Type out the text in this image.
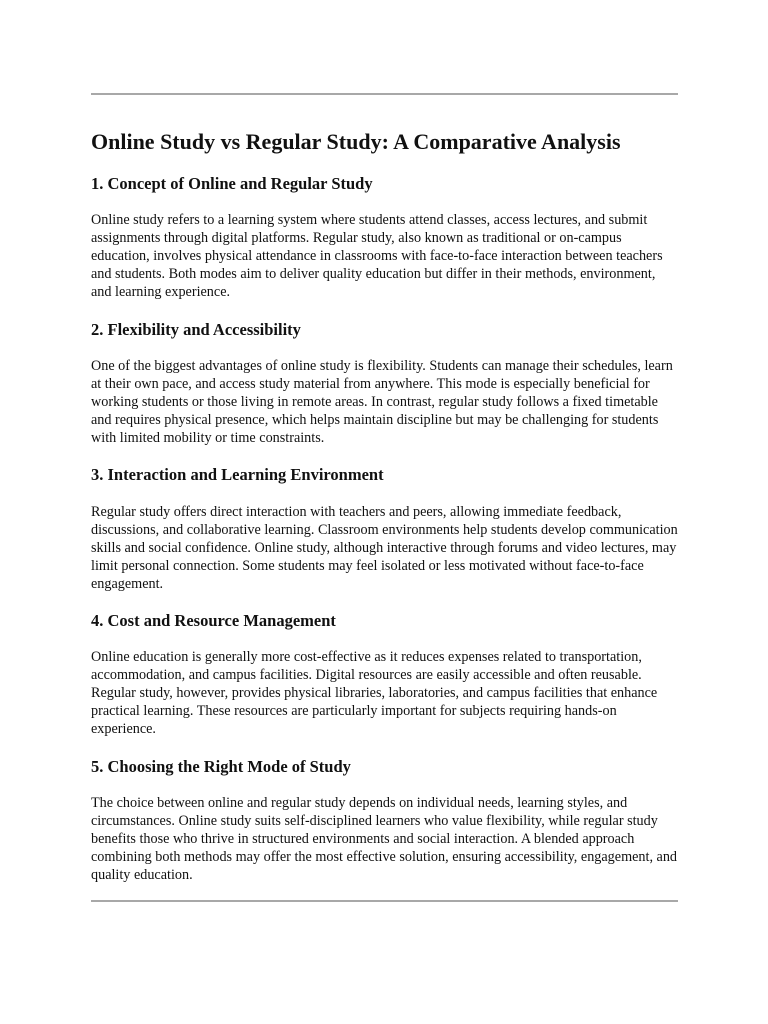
Online Study vs Regular Study: A Comparative Analysis
1. Concept of Online and Regular Study

Online study refers to a learning system where students attend classes, access lectures, and submit assignments through digital platforms. Regular study, also known as traditional or on-campus education, involves physical attendance in classrooms with face-to-face interaction between teachers and students. Both modes aim to deliver quality education but differ in their methods, environment, and learning experience.

2. Flexibility and Accessibility

One of the biggest advantages of online study is flexibility. Students can manage their schedules, learn at their own pace, and access study material from anywhere. This mode is especially beneficial for working students or those living in remote areas. In contrast, regular study follows a fixed timetable and requires physical presence, which helps maintain discipline but may be challenging for students with limited mobility or time constraints.

3. Interaction and Learning Environment

Regular study offers direct interaction with teachers and peers, allowing immediate feedback, discussions, and collaborative learning. Classroom environments help students develop communication skills and social confidence. Online study, although interactive through forums and video lectures, may limit personal connection. Some students may feel isolated or less motivated without face-to-face engagement.

4. Cost and Resource Management

Online education is generally more cost-effective as it reduces expenses related to transportation, accommodation, and campus facilities. Digital resources are easily accessible and often reusable. Regular study, however, provides physical libraries, laboratories, and campus facilities that enhance practical learning. These resources are particularly important for subjects requiring hands-on experience.

5. Choosing the Right Mode of Study

The choice between online and regular study depends on individual needs, learning styles, and circumstances. Online study suits self-disciplined learners who value flexibility, while regular study benefits those who thrive in structured environments and social interaction. A blended approach combining both methods may offer the most effective solution, ensuring accessibility, engagement, and quality education.
